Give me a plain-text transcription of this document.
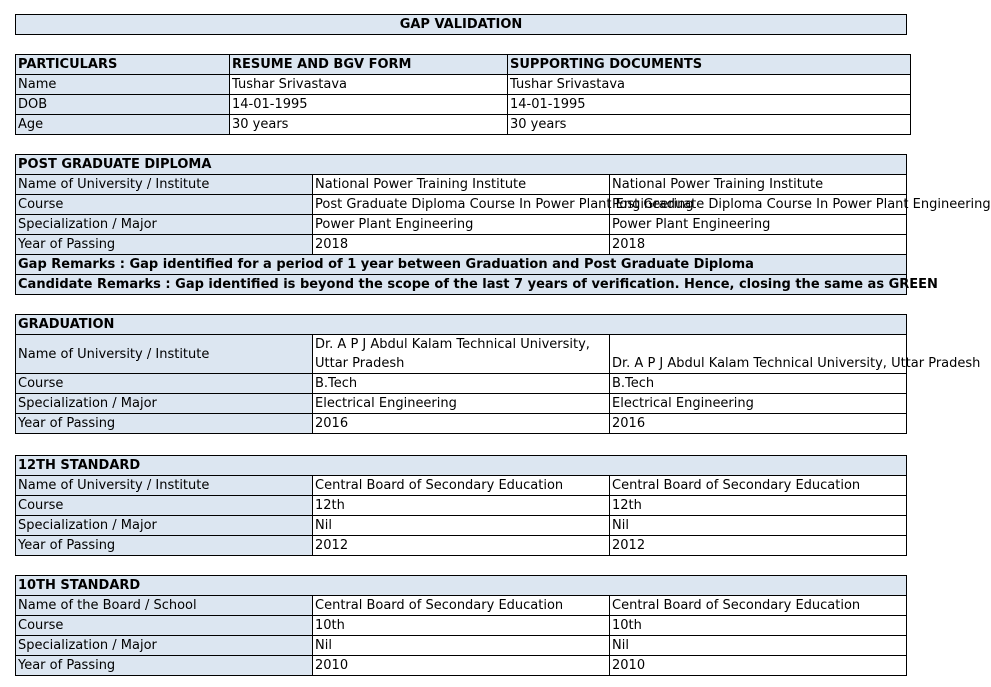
GAP VALIDATION
PARTICULARS	RESUME AND BGV FORM	SUPPORTING DOCUMENTS
Name	Tushar Srivastava	Tushar Srivastava
DOB	14-01-1995	14-01-1995
Age	30 years	30 years
POST GRADUATE DIPLOMA		
Name of University / Institute	National Power Training Institute	National Power Training Institute
Course	Post Graduate Diploma Course In Power Plant Engineering	Post Graduate Diploma Course In Power Plant Engineering
Specialization / Major	Power Plant Engineering	Power Plant Engineering
Year of Passing	2018	2018
Gap Remarks : Gap identified for a period of 1 year between Graduation and Post Graduate Diploma		
Candidate Remarks : Gap identified is beyond the scope of the last 7 years of verification. Hence, closing the same as GREEN		
GRADUATION		
Name of University / Institute	Dr. A P J Abdul Kalam Technical University, Uttar Pradesh	Dr. A P J Abdul Kalam Technical University, Uttar Pradesh
Course	B.Tech	B.Tech
Specialization / Major	Electrical Engineering	Electrical Engineering
Year of Passing	2016	2016
12TH STANDARD		
Name of University / Institute	Central Board of Secondary Education	Central Board of Secondary Education
Course	12th	12th
Specialization / Major	Nil	Nil
Year of Passing	2012	2012
10TH STANDARD		
Name of the Board / School	Central Board of Secondary Education	Central Board of Secondary Education
Course	10th	10th
Specialization / Major	Nil	Nil
Year of Passing	2010	2010
